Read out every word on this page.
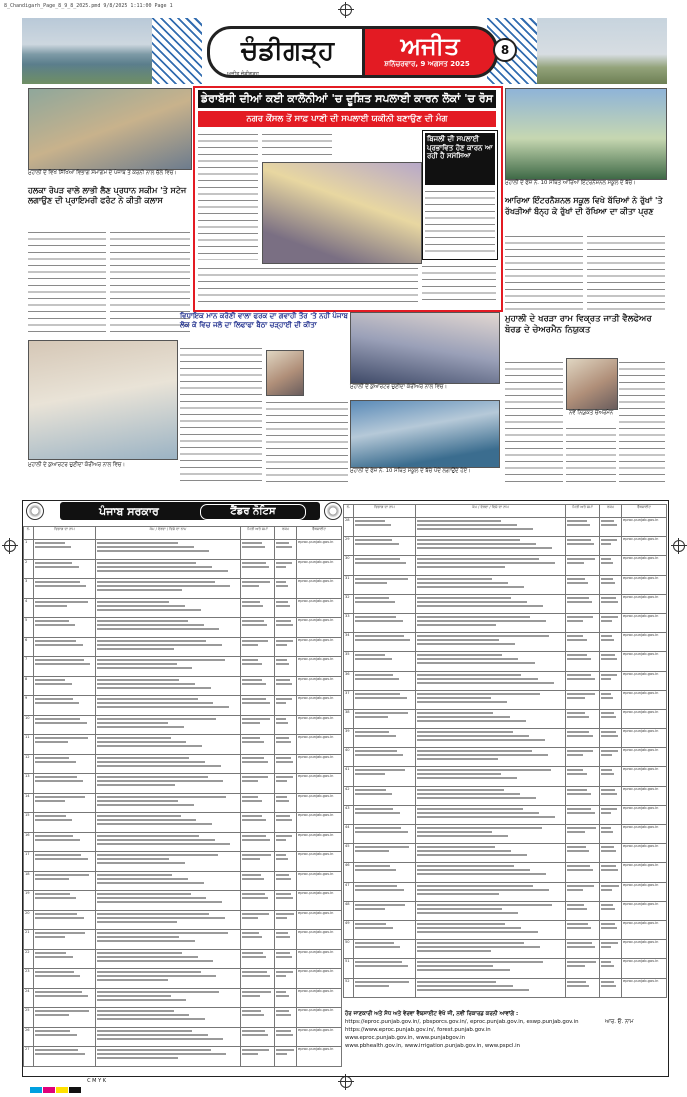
8_Chandigarh_Page_8_9_8_2025.pmd 9/8/2025 1:11:00 Page 1
ਚੰਡੀਗੜ੍ਹ
ਅਜੀਤ ਚੰਡੀਗੜ੍ਹ
ਅਜੀਤ
ਸ਼ਨਿੱਚਰਵਾਰ, 9 ਅਗਸਤ 2025
8
ਮੁਹਾਲੀ ਦੇ ਵਿਖੇ ਸਿੱਖਿਆ ਵਿਭਾਗ ਸਮਾਗਮ ਦੇ ਪੰਜਾਬ ਤੇ ਕਰਨੀ ਨਾਲ ਚੱਲੇ ਵਿਚ।
ਹਲਕਾ ਰੋਪੜ ਵਾਲੇ ਲਾਭੀ ਲੈਣ ਪ੍ਰਧਾਨ ਸਕੀਮ 'ਤੇ ਸਟੇਜ ਲਗਾਉਣ ਦੀ ਪ੍ਰਾਇਮਰੀ ਫਰੰਟ ਨੇ ਕੀਤੀ ਕਲਾਸ
ਮੁਹਾਲੀ ਦੇ ਕੁਆਰਟਰ ਚੁਣੀਦਾ ਕੋਰੀਅਰ ਨਾਲ ਵਿਚ।
ਡੇਰਾਬੱਸੀ ਦੀਆਂ ਕਈ ਕਾਲੋਨੀਆਂ 'ਚ ਦੂਸ਼ਿਤ ਸਪਲਾਈ ਕਾਰਨ ਲੋਕਾਂ 'ਚ ਰੋਸ
ਨਗਰ ਕੌਂਸਲ ਤੋਂ ਸਾਫ਼ ਪਾਣੀ ਦੀ ਸਪਲਾਈ ਯਕੀਨੀ ਬਣਾਉਣ ਦੀ ਮੰਗ
ਬਿਜਲੀ ਦੀ ਸਪਲਾਈ ਪ੍ਰਭਾਵਿਤ ਹੋਣ ਕਾਰਨ ਆ ਰਹੀ ਹੈ ਸਮੱਸਿਆ
ਮੁਹਾਲੀ ਦੇ ਫੇਜ਼ ਨੰ. 10 ਸਥਿਤ ਆਰਿਆ ਇੰਟਰਨੈਸ਼ਨਲ ਸਕੂਲ ਦੇ ਬੱਚੇ।
ਆਰਿਆ ਇੰਟਰਨੈਸ਼ਨਲ ਸਕੂਲ ਵਿਖੇ ਬੱਚਿਆਂ ਨੇ ਰੁੱਖਾਂ 'ਤੇ ਰੱਖੜੀਆਂ ਬੰਨ੍ਹ ਕੇ ਰੁੱਖਾਂ ਦੀ ਰੱਖਿਆ ਦਾ ਕੀਤਾ ਪ੍ਰਣ
ਵਿਧਾਇਕ ਮਾਨ ਕਰੋਣੀ ਵਾਲਾ ਫਰਕ ਦਾ ਗਵਾਹੀ ਤੌਰ 'ਤੇ ਨਹੀਂ ਪੰਜਾਬ ਲੋਕ ਕੇ ਵਿਚ ਜਲੇ ਦਾ ਲਿਫਾਫਾ ਬੈਠਾ ਚੜ੍ਹਾਈ ਦੀ ਕੀਤਾ
ਮੁਹਾਲੀ ਦੇ ਕੁਆਰਟਰ ਚੁਣੀਦਾ ਕੋਰੀਅਰ ਨਾਲ ਵਿਚ।
ਮੁਹਾਲੀ ਦੇ ਫੇਜ਼ ਨੰ. 10 ਸਥਿਤ ਸਕੂਲ ਦੇ ਬੱਚੇ ਪੌਦੇ ਲਗਾਉਂਦੇ ਹੋਏ।
ਮੁਹਾਲੀ ਦੇ ਖਰੜਾ ਰਾਮ ਵਿਕ੍ਰਤ ਜਾਤੀ ਵੈਲਫੇਅਰ ਬੋਰਡ ਦੇ ਚੇਅਰਮੈਨ ਨਿਯੁਕਤ
ਨਵੇਂ ਨਿਯੁਕਤ ਚੇਅਰਮੈਨ
ਪੰਜਾਬ ਸਰਕਾਰ	ਟੈਂਡਰ ਨੋਟਿਸ
ਨੰ.	ਵਿਭਾਗ ਦਾ ਨਾਮ	ਕੰਮ / ਵੇਰਵਾ / ਵਿਸ਼ੇ ਦਾ ਨਾਮ	ਮਿਤੀ ਅਤੇ ਸਮਾਂ	ਰਕਮ	ਵੈੱਬਸਾਈਟ
1					eproc.punjab.gov.in
2					eproc.punjab.gov.in
3					eproc.punjab.gov.in
4					eproc.punjab.gov.in
5					eproc.punjab.gov.in
6					eproc.punjab.gov.in
7					eproc.punjab.gov.in
8					eproc.punjab.gov.in
9					eproc.punjab.gov.in
10					eproc.punjab.gov.in
11					eproc.punjab.gov.in
12					eproc.punjab.gov.in
13					eproc.punjab.gov.in
14					eproc.punjab.gov.in
15					eproc.punjab.gov.in
16					eproc.punjab.gov.in
17					eproc.punjab.gov.in
18					eproc.punjab.gov.in
19					eproc.punjab.gov.in
20					eproc.punjab.gov.in
21					eproc.punjab.gov.in
22					eproc.punjab.gov.in
23					eproc.punjab.gov.in
24					eproc.punjab.gov.in
25					eproc.punjab.gov.in
26					eproc.punjab.gov.in
27					eproc.punjab.gov.in
ਨੰ.	ਵਿਭਾਗ ਦਾ ਨਾਮ	ਕੰਮ / ਵੇਰਵਾ / ਵਿਸ਼ੇ ਦਾ ਨਾਮ	ਮਿਤੀ ਅਤੇ ਸਮਾਂ	ਰਕਮ	ਵੈੱਬਸਾਈਟ
28					eproc.punjab.gov.in
29					eproc.punjab.gov.in
30					eproc.punjab.gov.in
31					eproc.punjab.gov.in
32					eproc.punjab.gov.in
33					eproc.punjab.gov.in
34					eproc.punjab.gov.in
35					eproc.punjab.gov.in
36					eproc.punjab.gov.in
37					eproc.punjab.gov.in
38					eproc.punjab.gov.in
39					eproc.punjab.gov.in
40					eproc.punjab.gov.in
41					eproc.punjab.gov.in
42					eproc.punjab.gov.in
43					eproc.punjab.gov.in
44					eproc.punjab.gov.in
45					eproc.punjab.gov.in
46					eproc.punjab.gov.in
47					eproc.punjab.gov.in
48					eproc.punjab.gov.in
49					eproc.punjab.gov.in
50					eproc.punjab.gov.in
51					eproc.punjab.gov.in
52					eproc.punjab.gov.in
ਹੋਰ ਜਾਣਕਾਰੀ ਅਤੇ ਸੋਧ ਅਤੇ ਵੇਰਵਾ ਵੈਬਸਾਈਟ ਵੇਖੋ ਜੀ, ਨਵੀਂ ਰਿਕਾਰਡ ਕਰਨੀ ਆਵਾਂਗੇ :
https://eproc.punjab.gov.in/, pbsporcs.gov.in/, eproc.punjab.gov.in, eswp.punjab.gov.in
https://www.eproc.punjab.gov.in/, forest.punjab.gov.in
www.eproc.punjab.gov.in, www.punjabgov.in
www.pbhealth.gov.in, www.irrigation.punjab.gov.in, www.pspcl.in
ਆਰ. ਓ. ਨਾਮ
C M Y K
